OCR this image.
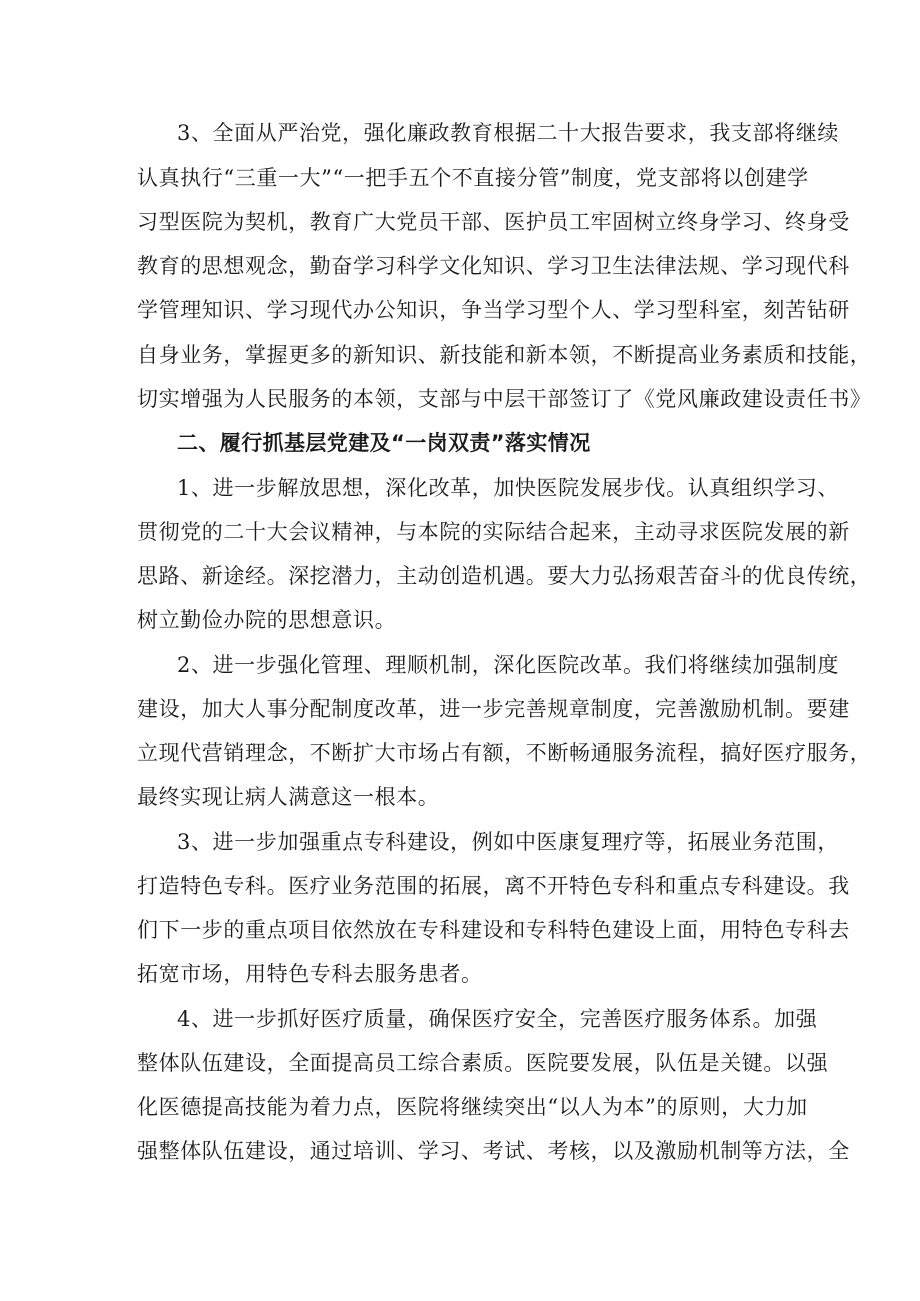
3、全面从严治党，强化廉政教育根据二十大报告要求，我支部将继续
认真执行“三重一大”“一把手五个不直接分管”制度，党支部将以创建学
习型医院为契机，教育广大党员干部、医护员工牢固树立终身学习、终身受
教育的思想观念，勤奋学习科学文化知识、学习卫生法律法规、学习现代科
学管理知识、学习现代办公知识，争当学习型个人、学习型科室，刻苦钻研
自身业务，掌握更多的新知识、新技能和新本领，不断提高业务素质和技能，
切实增强为人民服务的本领，支部与中层干部签订了《党风廉政建设责任书》
二、履行抓基层党建及“一岗双责”落实情况
1、进一步解放思想，深化改革，加快医院发展步伐。认真组织学习、
贯彻党的二十大会议精神，与本院的实际结合起来，主动寻求医院发展的新
思路、新途经。深挖潜力，主动创造机遇。要大力弘扬艰苦奋斗的优良传统，
树立勤俭办院的思想意识。
2、进一步强化管理、理顺机制，深化医院改革。我们将继续加强制度
建设，加大人事分配制度改革，进一步完善规章制度，完善激励机制。要建
立现代营销理念，不断扩大市场占有额，不断畅通服务流程，搞好医疗服务，
最终实现让病人满意这一根本。
3、进一步加强重点专科建设，例如中医康复理疗等，拓展业务范围，
打造特色专科。医疗业务范围的拓展，离不开特色专科和重点专科建设。我
们下一步的重点项目依然放在专科建设和专科特色建设上面，用特色专科去
拓宽市场，用特色专科去服务患者。
4、进一步抓好医疗质量，确保医疗安全，完善医疗服务体系。加强
整体队伍建设，全面提高员工综合素质。医院要发展，队伍是关键。以强
化医德提高技能为着力点，医院将继续突出“以人为本”的原则，大力加
强整体队伍建设，通过培训、学习、考试、考核，以及激励机制等方法，全
